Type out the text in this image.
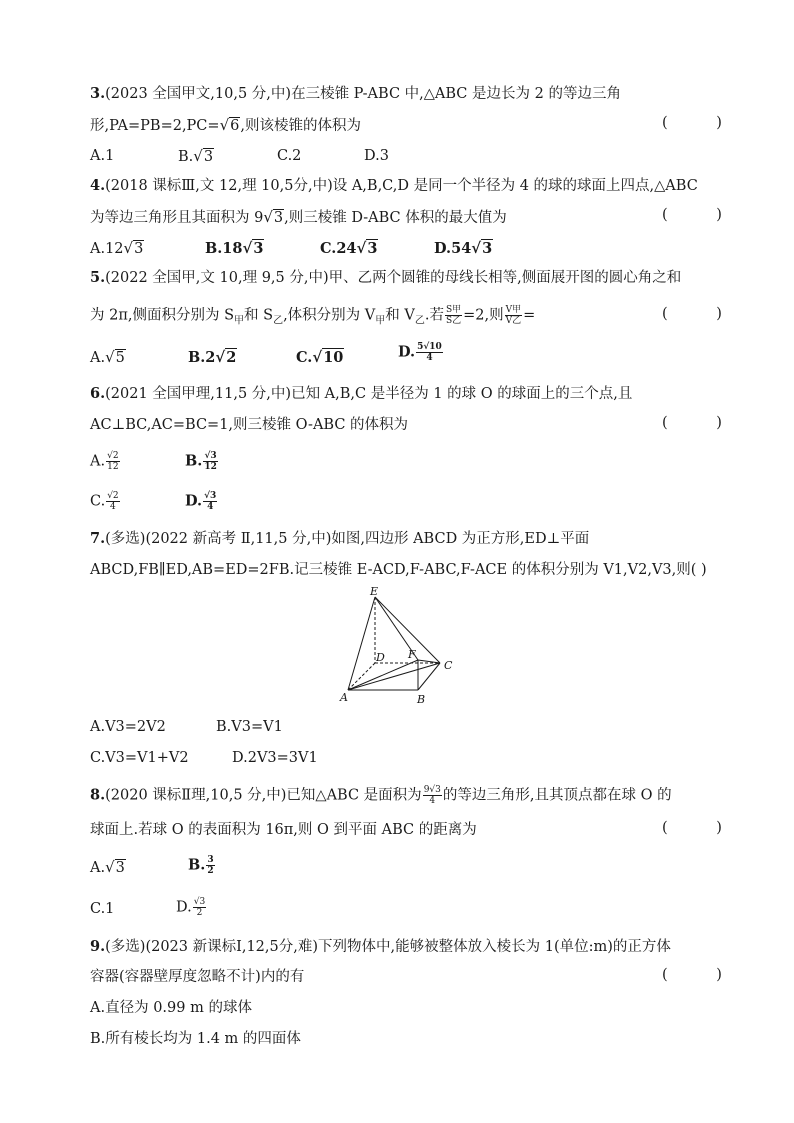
3.(2023 全国甲文,10,5 分,中)在三棱锥 P-ABC 中,△ABC 是边长为 2 的等边三角
形,PA=PB=2,PC=√6,则该棱锥的体积为	( )
A.1	B.√3	C.2	D.3
4.(2018 课标Ⅲ,文 12,理 10,5分,中)设 A,B,C,D 是同一个半径为 4 的球的球面上四点,△ABC
为等边三角形且其面积为 9√3,则三棱锥 D-ABC 体积的最大值为	( )
A.12√3	B.18√3	C.24√3	D.54√3
5.(2022 全国甲,文 10,理 9,5 分,中)甲、乙两个圆锥的母线长相等,侧面展开图的圆心角之和
为 2π,侧面积分别为 $S_甲$和 $S_乙$,体积分别为 $V_甲$和 $V_乙$.若 $\frac{\text{S甲}}{\text{S乙}} =2$,则 $\frac{\text{V甲}}{\text{V乙}}$ =	( )
A.√5	B.2√2	C.√10	D. $\frac{5√10}{4}$
6.(2021 全国甲理,11,5 分,中)已知 A,B,C 是半径为 1 的球 O 的球面上的三个点,且
AC⊥BC,AC=BC=1,则三棱锥 O-ABC 的体积为	( )
A. $\frac{√2}{12}$	B. $\frac{√3}{12}$
C. $\frac{√2}{4}$	D. $\frac{√3}{4}$
7.(多选)(2022 新高考 Ⅱ,11,5 分,中)如图,四边形 ABCD 为正方形,ED⊥平面
ABCD,FB∥ED,AB=ED=2FB.记三棱锥 E-ACD,F-ABC,F-ACE 的体积分别为 V1,V2,V3,则( )
E
D F
C
A	B
A.V3=2V2	B.V3=V1
C.V3=V1+V2	D.2V3=3V1
8.(2020 课标Ⅱ理,10,5 分,中)已知△ABC 是面积为 $\frac{9√3}{4}$ 的等边三角形,且其顶点都在球 O 的
球面上.若球 O 的表面积为 16π,则 O 到平面 ABC 的距离为	( )
A.√3	B. $\frac{3}{2}$
C.1	D. $\frac{√3}{2}$
9.(多选)(2023 新课标Ⅰ,12,5分,难)下列物体中,能够被整体放入棱长为 1(单位:m)的正方体
容器(容器壁厚度忽略不计)内的有	( )
A.直径为 0.99 m 的球体
B.所有棱长均为 1.4 m 的四面体
